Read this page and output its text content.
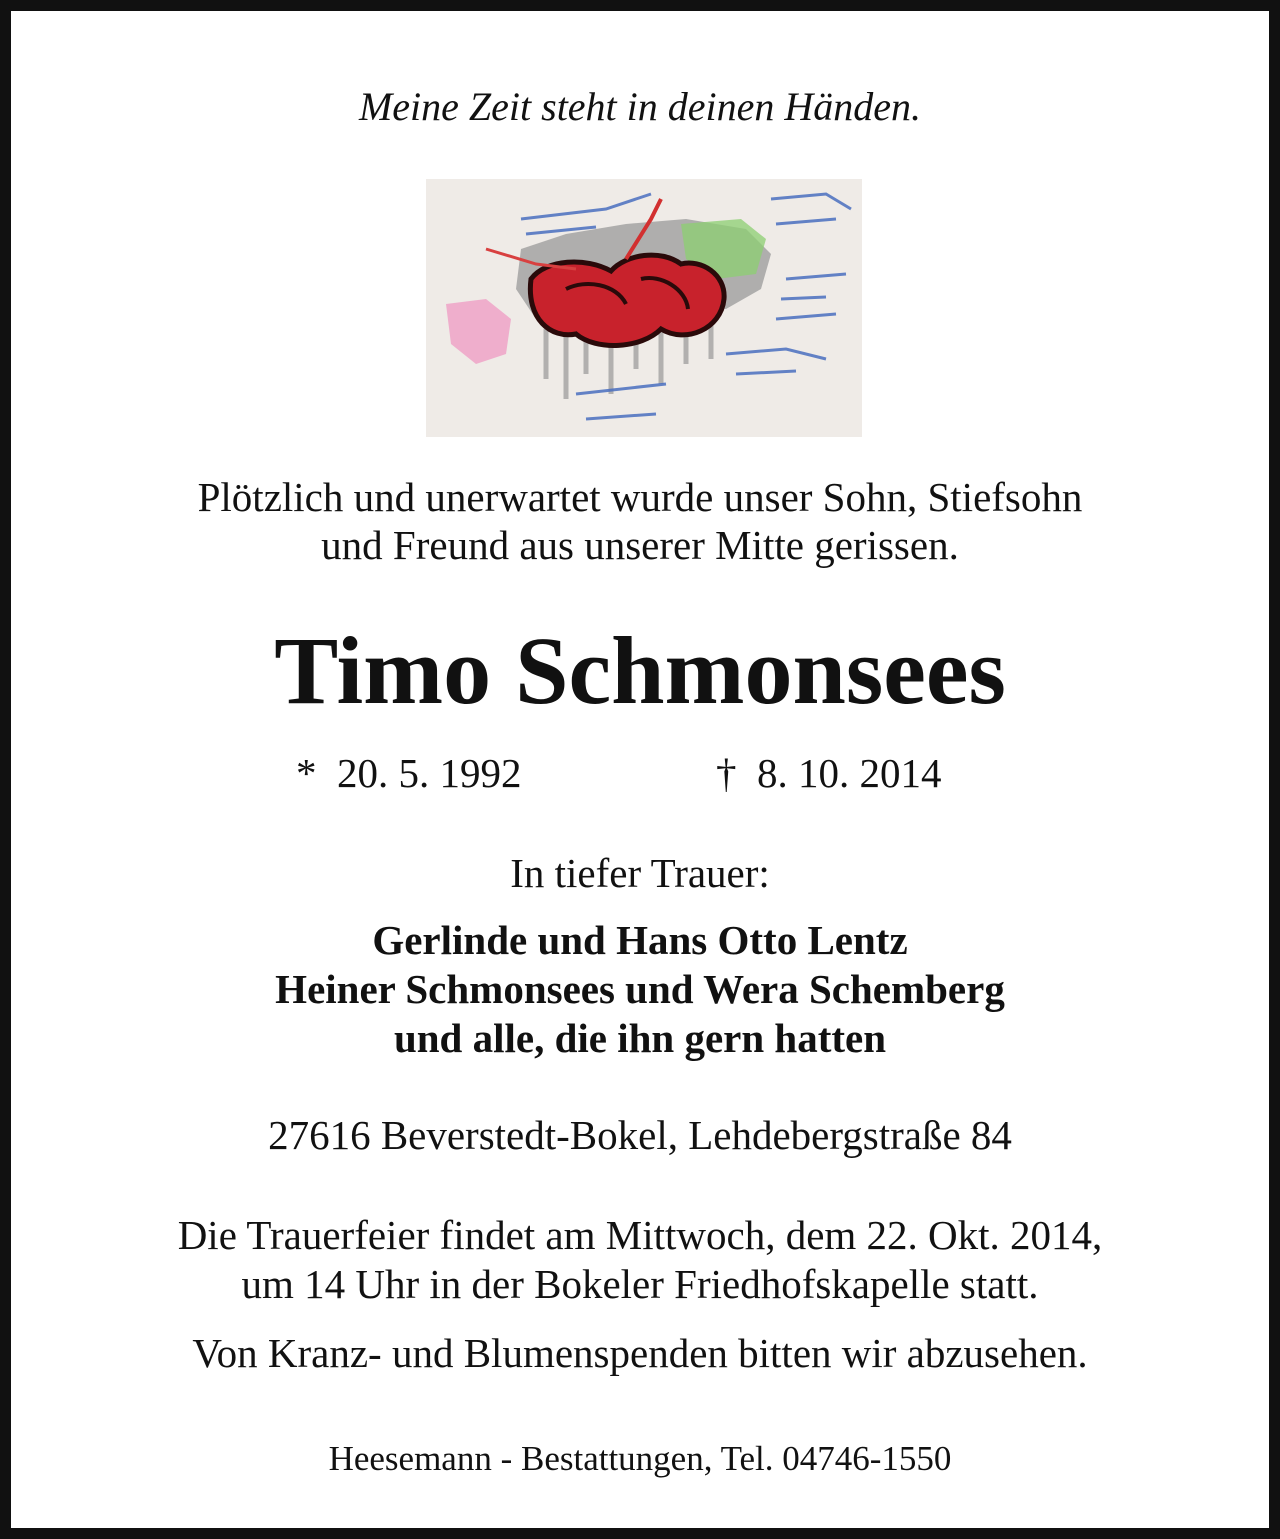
Meine Zeit steht in deinen Händen.
Plötzlich und unerwartet wurde unser Sohn, Stiefsohn
und Freund aus unserer Mitte gerissen.
Timo Schmonsees
* 20. 5. 1992	† 8. 10. 2014
In tiefer Trauer:
Gerlinde und Hans Otto Lentz
Heiner Schmonsees und Wera Schemberg
und alle, die ihn gern hatten
27616 Beverstedt-Bokel, Lehdebergstraße 84
Die Trauerfeier findet am Mittwoch, dem 22. Okt. 2014,
um 14 Uhr in der Bokeler Friedhofskapelle statt.
Von Kranz- und Blumenspenden bitten wir abzusehen.
Heesemann - Bestattungen, Tel. 04746-1550
